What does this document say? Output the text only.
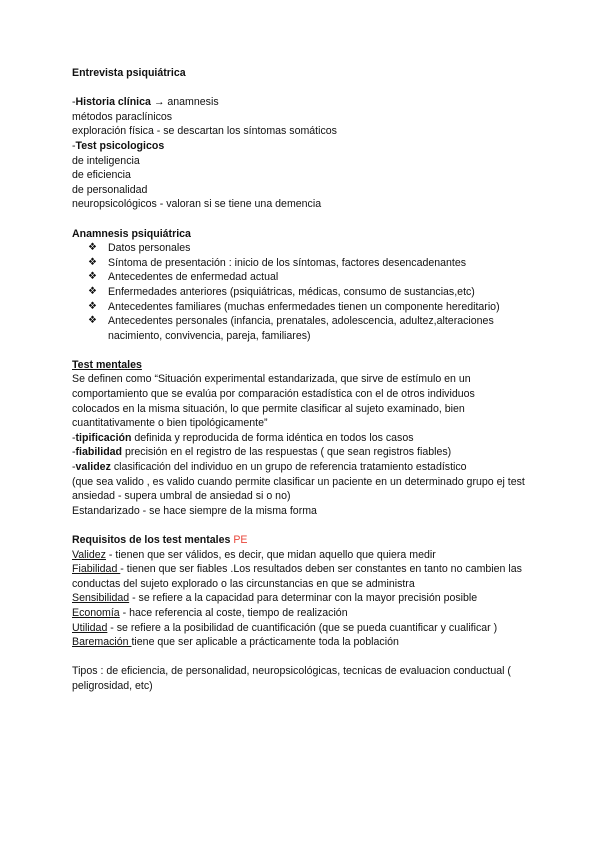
Entrevista psiquiátrica
-Historia clínica → anamnesis
métodos paraclínicos
exploración física - se descartan los síntomas somáticos
-Test psicologicos
de inteligencia
de eficiencia
de personalidad
neuropsicológicos - valoran si se tiene una demencia
Anamnesis psiquiátrica
❖ Datos personales
❖ Síntoma de presentación : inicio de los síntomas, factores desencadenantes
❖ Antecedentes de enfermedad actual
❖ Enfermedades anteriores (psiquiátricas, médicas, consumo de sustancias,etc)
❖ Antecedentes familiares (muchas enfermedades tienen un componente hereditario)
❖ Antecedentes personales (infancia, prenatales, adolescencia, adultez,alteraciones nacimiento, convivencia, pareja, familiares)
Test mentales
Se definen como “Situación experimental estandarizada, que sirve de estímulo en un comportamiento que se evalúa por comparación estadística con el de otros individuos colocados en la misma situación, lo que permite clasificar al sujeto examinado, bien cuantitativamente o bien tipológicamente”
-tipificación definida y reproducida de forma idéntica en todos los casos
-fiabilidad precisión en el registro de las respuestas ( que sean registros fiables)
-validez clasificación del individuo en un grupo de referencia tratamiento estadístico
(que sea valido , es valido cuando permite clasificar un paciente en un determinado grupo ej test ansiedad - supera umbral de ansiedad si o no)
Estandarizado - se hace siempre de la misma forma
Requisitos de los test mentales PE
Validez - tienen que ser válidos, es decir, que midan aquello que quiera medir
Fiabilidad - tienen que ser fiables .Los resultados deben ser constantes en tanto no cambien las conductas del sujeto explorado o las circunstancias en que se administra
Sensibilidad - se refiere a la capacidad para determinar con la mayor precisión posible
Economía - hace referencia al coste, tiempo de realización
Utilidad - se refiere a la posibilidad de cuantificación (que se pueda cuantificar y cualificar )
Baremación tiene que ser aplicable a prácticamente toda la población
Tipos : de eficiencia, de personalidad, neuropsicológicas, tecnicas de evaluacion conductual ( peligrosidad, etc)
